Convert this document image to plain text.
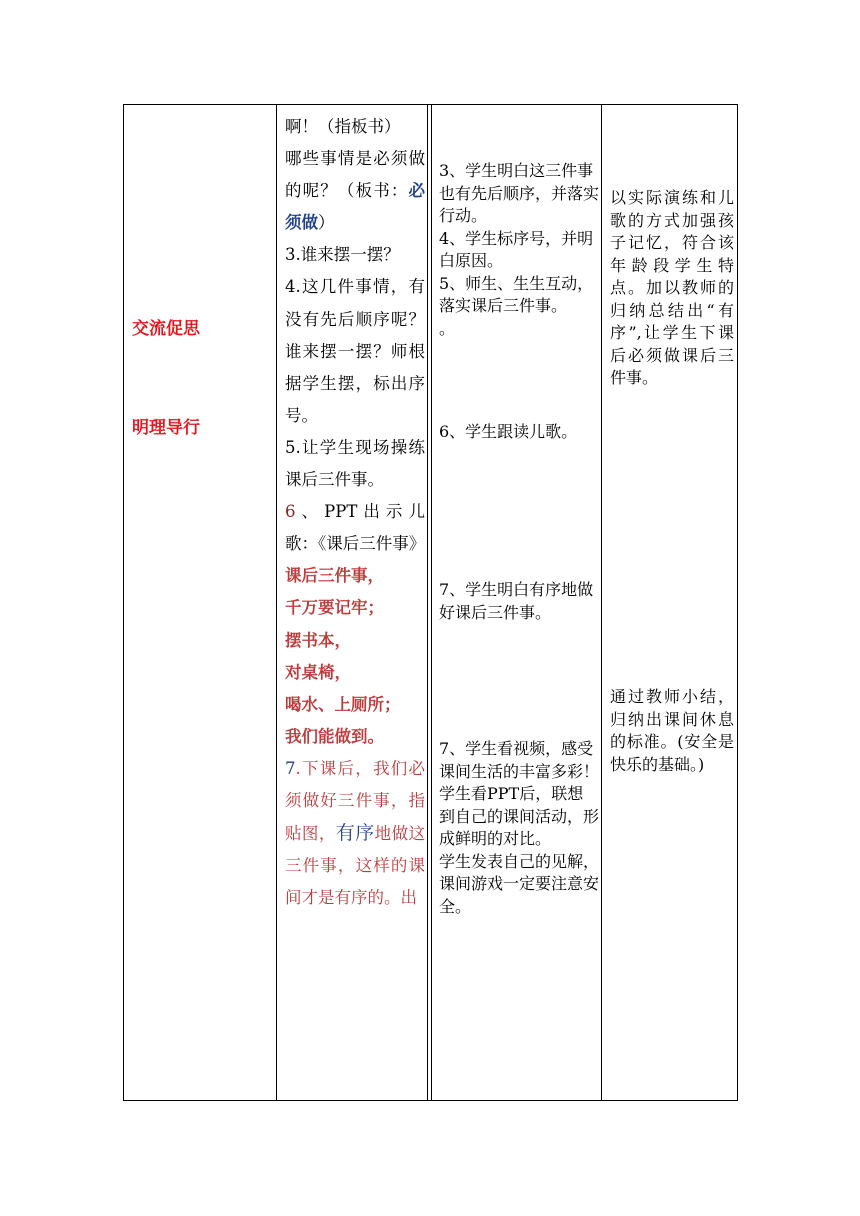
交流促思
明理导行

啊！（指板书）

哪些事情是必须做的呢？（板书：必须做）

3.谁来摆一摆？

4.这几件事情，有没有先后顺序呢？ 谁来摆一摆？师根据学生摆，标出序号。

5.让学生现场操练课后三件事。

6、PPT出示儿歌：《课后三件事》

课后三件事，

千万要记牢；

摆书本，

对桌椅，

喝水、上厕所；

我们能做到。

7.下课后，我们必须做好三件事，指贴图，有序地做这三件事，这样的课间才是有序的。出

3、学生明白这三件事也有先后顺序，并落实行动。

4、学生标序号，并明白原因。

5、师生、生生互动，落实课后三件事。

。

6、学生跟读儿歌。

7、学生明白有序地做好课后三件事。

7、学生看视频，感受课间生活的丰富多彩！

学生看PPT后，联想到自己的课间活动，形成鲜明的对比。

学生发表自己的见解，课间游戏一定要注意安全。

以实际演练和儿歌的方式加强孩子记忆，符合该年龄段学生特点。加以教师的归纳总结出“有序”,让学生下课后必须做课后三件事。

通过教师小结，归纳出课间休息的标准。(安全是快乐的基础。)
